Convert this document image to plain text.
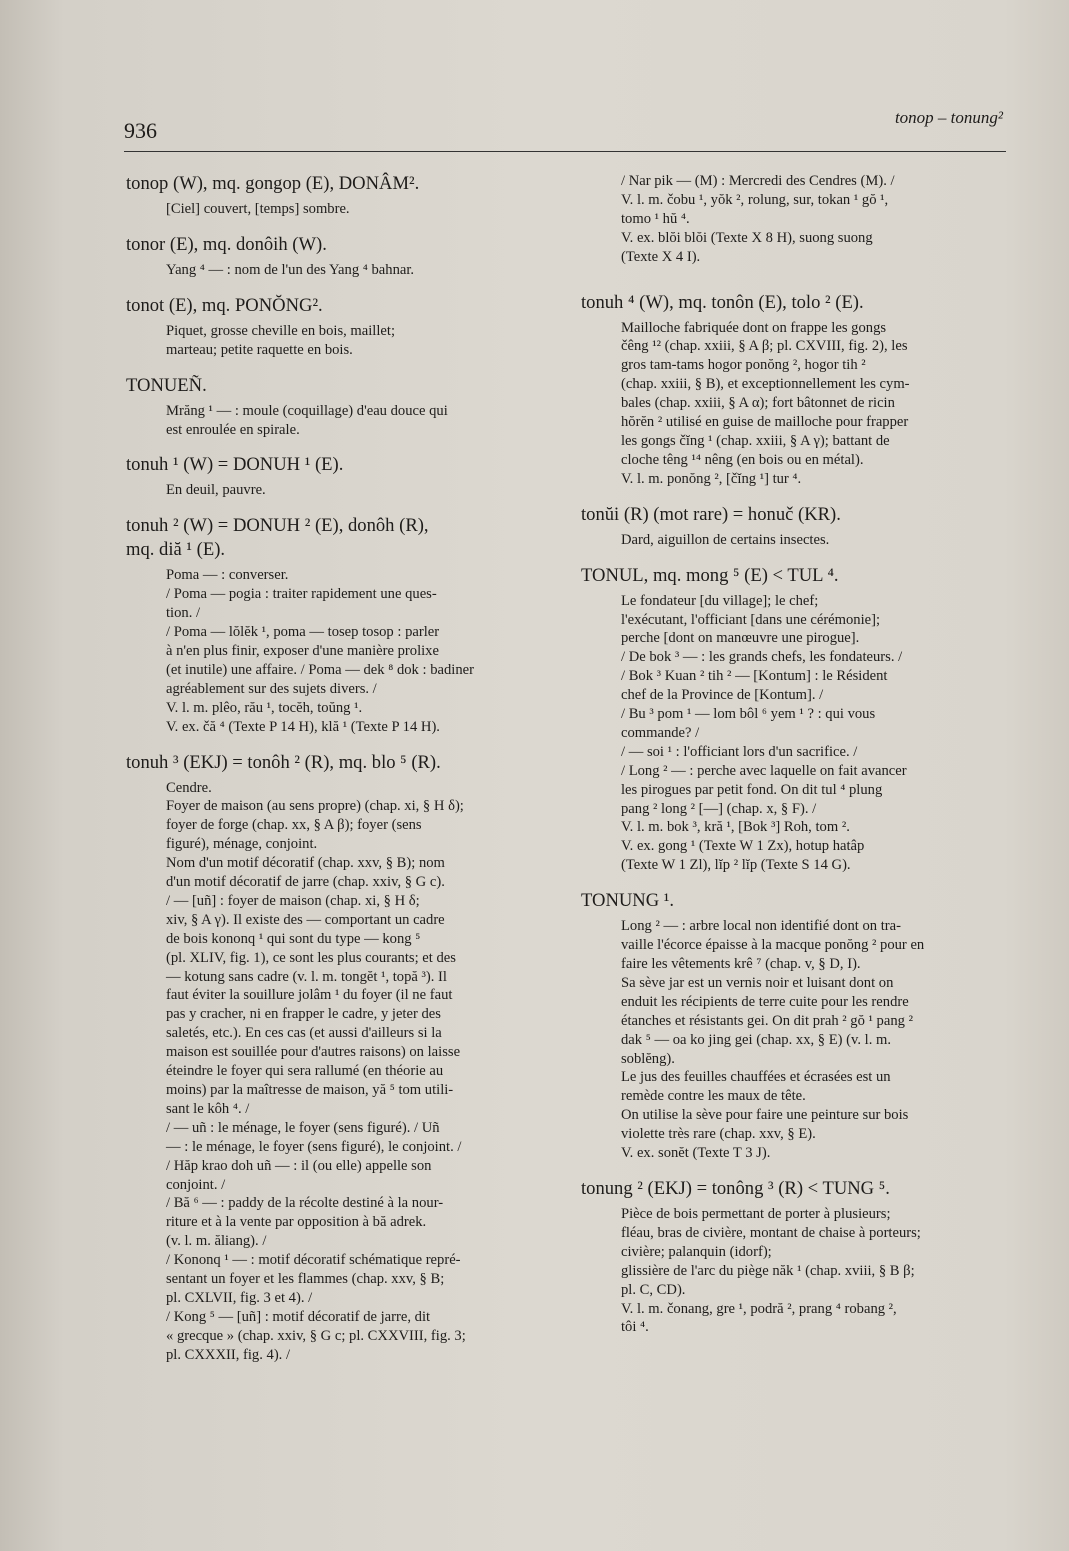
936
tonop – tonung²
tonop (W), mq. gongop (E), DONÂM².
[Ciel] couvert, [temps] sombre.
tonor (E), mq. donôih (W).
Yang ⁴ — : nom de l'un des Yang ⁴ bahnar.
tonot (E), mq. PONŎNG².
Piquet, grosse cheville en bois, maillet;
marteau; petite raquette en bois.
TONUEÑ.
Mrăng ¹ — : moule (coquillage) d'eau douce qui
est enroulée en spirale.
tonuh ¹ (W) = DONUH ¹ (E).
En deuil, pauvre.
tonuh ² (W) = DONUH ² (E), donôh (R),
mq. diă ¹ (E).
Poma — : converser.
/ Poma — pogia : traiter rapidement une ques-
tion. /
/ Poma — lŏlĕk ¹, poma — tosep tosop : parler
à n'en plus finir, exposer d'une manière prolixe
(et inutile) une affaire. / Poma — dek ⁸ dok : badiner
agréablement sur des sujets divers. /
V. l. m. plêo, rău ¹, tocĕh, toŭng ¹.
V. ex. čă ⁴ (Texte P 14 H), klă ¹ (Texte P 14 H).
tonuh ³ (EKJ) = tonôh ² (R), mq. blo ⁵ (R).
Cendre.
Foyer de maison (au sens propre) (chap. xi, § H δ);
foyer de forge (chap. xx, § A β); foyer (sens
figuré), ménage, conjoint.
Nom d'un motif décoratif (chap. xxv, § B); nom
d'un motif décoratif de jarre (chap. xxiv, § G c).
/ — [uñ] : foyer de maison (chap. xi, § H δ;
xiv, § A γ). Il existe des — comportant un cadre
de bois kononq ¹ qui sont du type — kong ⁵
(pl. XLIV, fig. 1), ce sont les plus courants; et des
— kotung sans cadre (v. l. m. tongĕt ¹, topă ³). Il
faut éviter la souillure jolâm ¹ du foyer (il ne faut
pas y cracher, ni en frapper le cadre, y jeter des
saletés, etc.). En ces cas (et aussi d'ailleurs si la
maison est souillée pour d'autres raisons) on laisse
éteindre le foyer qui sera rallumé (en théorie au
moins) par la maîtresse de maison, yă ⁵ tom utili-
sant le kôh ⁴. /
/ — uñ : le ménage, le foyer (sens figuré). / Uñ
— : le ménage, le foyer (sens figuré), le conjoint. /
/ Hăp krao doh uñ — : il (ou elle) appelle son
conjoint. /
/ Bă ⁶ — : paddy de la récolte destiné à la nour-
riture et à la vente par opposition à bă adrek.
(v. l. m. ăliang). /
/ Kononq ¹ — : motif décoratif schématique repré-
sentant un foyer et les flammes (chap. xxv, § B;
pl. CXLVII, fig. 3 et 4). /
/ Kong ⁵ — [uñ] : motif décoratif de jarre, dit
« grecque » (chap. xxiv, § G c; pl. CXXVIII, fig. 3;
pl. CXXXII, fig. 4). /
/ Nar pik — (M) : Mercredi des Cendres (M). /
V. l. m. čobu ¹, yŏk ², rolung, sur, tokan ¹ gŏ ¹,
tomo ¹ hŭ ⁴.
V. ex. blŏi blŏi (Texte X 8 H), suong suong
(Texte X 4 I).
tonuh ⁴ (W), mq. tonôn (E), tolo ² (E).
Mailloche fabriquée dont on frappe les gongs
čêng ¹² (chap. xxiii, § A β; pl. CXVIII, fig. 2), les
gros tam-tams hogor ponŏng ², hogor tih ²
(chap. xxiii, § B), et exceptionnellement les cym-
bales (chap. xxiii, § A α); fort bâtonnet de ricin
hŏrĕn ² utilisé en guise de mailloche pour frapper
les gongs čĭng ¹ (chap. xxiii, § A γ); battant de
cloche têng ¹⁴ nêng (en bois ou en métal).
V. l. m. ponŏng ², [čĭng ¹] tur ⁴.
tonŭi (R) (mot rare) = honuč (KR).
Dard, aiguillon de certains insectes.
TONUL, mq. mong ⁵ (E) < TUL ⁴.
Le fondateur [du village]; le chef;
l'exécutant, l'officiant [dans une cérémonie];
perche [dont on manœuvre une pirogue].
/ De bok ³ — : les grands chefs, les fondateurs. /
/ Bok ³ Kuan ² tih ² — [Kontum] : le Résident
chef de la Province de [Kontum]. /
/ Bu ³ pom ¹ — lom bôl ⁶ yem ¹ ? : qui vous
commande? /
/ — soi ¹ : l'officiant lors d'un sacrifice. /
/ Long ² — : perche avec laquelle on fait avancer
les pirogues par petit fond. On dit tul ⁴ plung
pang ² long ² [—] (chap. x, § F). /
V. l. m. bok ³, kră ¹, [Bok ³] Roh, tom ².
V. ex. gong ¹ (Texte W 1 Zx), hotup hatâp
(Texte W 1 Zl), lĭp ² lĭp (Texte S 14 G).
TONUNG ¹.
Long ² — : arbre local non identifié dont on tra-
vaille l'écorce épaisse à la macque ponŏng ² pour en
faire les vêtements krê ⁷ (chap. v, § D, I).
Sa sève jar est un vernis noir et luisant dont on
enduit les récipients de terre cuite pour les rendre
étanches et résistants gei. On dit prah ² gŏ ¹ pang ²
dak ⁵ — oa ko jing gei (chap. xx, § E) (v. l. m.
soblĕng).
Le jus des feuilles chauffées et écrasées est un
remède contre les maux de tête.
On utilise la sève pour faire une peinture sur bois
violette très rare (chap. xxv, § E).
V. ex. sonĕt (Texte T 3 J).
tonung ² (EKJ) = tonông ³ (R) < TUNG ⁵.
Pièce de bois permettant de porter à plusieurs;
fléau, bras de civière, montant de chaise à porteurs;
civière; palanquin (idorf);
glissière de l'arc du piège năk ¹ (chap. xviii, § B β;
pl. C, CD).
V. l. m. čonang, gre ¹, podră ², prang ⁴ robang ²,
tôi ⁴.
